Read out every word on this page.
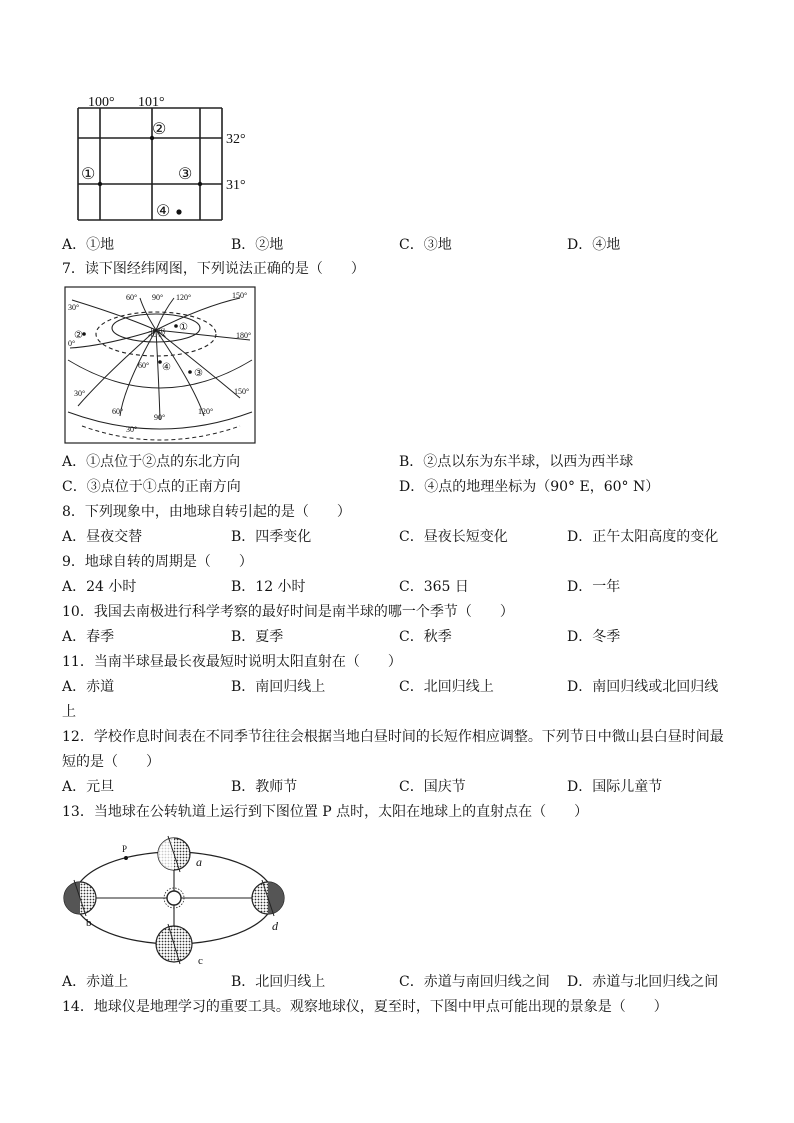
100° 101°
32°
31°
①
②
③
④
A．①地	B．②地	C．③地	D．④地
7．读下图经纬网图，下列说法正确的是（　　）
北极 ①
②
③
④
60° 90° 120°	150°
180°
150°
120°
90°
60°
30°
30°
0°
60°
30°
A．①点位于②点的东北方向	B．②点以东为东半球，以西为西半球
C．③点位于①点的正南方向	D．④点的地理坐标为（90° E，60° N）
8．下列现象中，由地球自转引起的是（　　）
A．昼夜交替	B．四季变化	C．昼夜长短变化	D．正午太阳高度的变化
9．地球自转的周期是（　　）
A．24 小时	B．12 小时	C．365 日	D．一年
10．我国去南极进行科学考察的最好时间是南半球的哪一个季节（　　）
A．春季	B．夏季	C．秋季	D．冬季
11．当南半球昼最长夜最短时说明太阳直射在（　　）
A．赤道	B．南回归线上	C．北回归线上	D．南回归线或北回归线
上
12．学校作息时间表在不同季节往往会根据当地白昼时间的长短作相应调整。下列节日中微山县白昼时间最
短的是（　　）
A．元旦	B．教师节	C．国庆节	D．国际儿童节
13．当地球在公转轨道上运行到下图位置 P 点时，太阳在地球上的直射点在（　　）
P
a
b
c
d
A．赤道上	B．北回归线上	C．赤道与南回归线之间 D．赤道与北回归线之间
14．地球仪是地理学习的重要工具。观察地球仪，夏至时，下图中甲点可能出现的景象是（　　）
